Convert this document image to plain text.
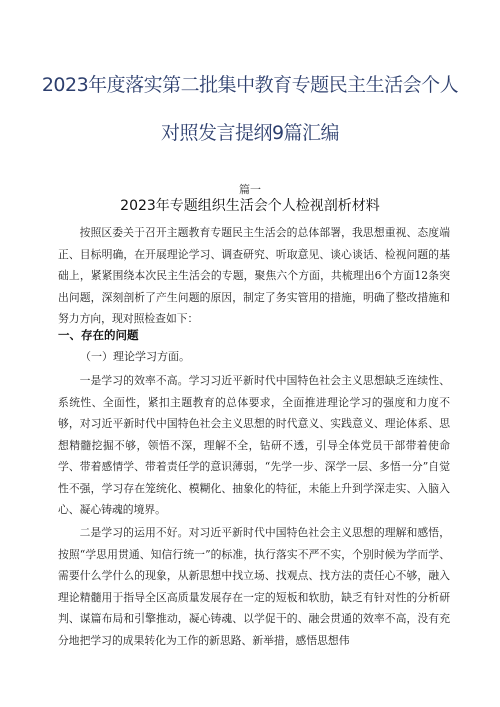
2023年度落实第二批集中教育专题民主生活会个人
对照发言提纲9篇汇编
篇一
2023年专题组织生活会个人检视剖析材料
按照区委关于召开主题教育专题民主生活会的总体部署，我思想重视、态度端正、目标明确，在开展理论学习、调查研究、听取意见、谈心谈话、检视问题的基础上，紧紧围绕本次民主生活会的专题，聚焦六个方面，共梳理出6个方面12条突出问题，深刻剖析了产生问题的原因，制定了务实管用的措施，明确了整改措施和努力方向，现对照检查如下：
一、存在的问题
（一）理论学习方面。
一是学习的效率不高。学习习近平新时代中国特色社会主义思想缺乏连续性、系统性、全面性，紧扣主题教育的总体要求，全面推进理论学习的强度和力度不够，对习近平新时代中国特色社会主义思想的时代意义、实践意义、理论体系、思想精髓挖掘不够，领悟不深，理解不全，钻研不透，引导全体党员干部带着使命学、带着感情学、带着责任学的意识薄弱，“先学一步、深学一层、多悟一分”自觉性不强，学习存在笼统化、模糊化、抽象化的特征，未能上升到学深走实、入脑入心、凝心铸魂的境界。
二是学习的运用不好。对习近平新时代中国特色社会主义思想的理解和感悟，按照“学思用贯通、知信行统一”的标准，执行落实不严不实，个别时候为学而学、需要什么学什么的现象，从新思想中找立场、找观点、找方法的责任心不够，融入理论精髓用于指导全区高质量发展存在一定的短板和软肋，缺乏有针对性的分析研判、谋篇布局和引擎推动，凝心铸魂、以学促干的、融会贯通的效率不高，没有充分地把学习的成果转化为工作的新思路、新举措，感悟思想伟
